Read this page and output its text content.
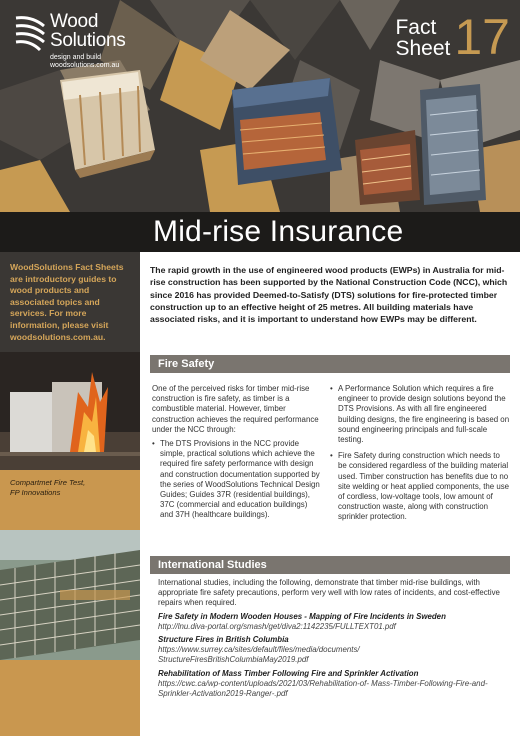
Wood
Solutions
design and build
woodsolutions.com.au
Fact
Sheet 17
Mid-rise Insurance

WoodSolutions Fact Sheets are introductory guides to wood products and associated topics and services. For more information, please visit woodsolutions.com.au.

Compartmet Fire Test,
FP Innovations

The rapid growth in the use of engineered wood products (EWPs) in Australia for mid-rise construction has been supported by the National Construction Code (NCC), which since 2016 has provided Deemed-to-Satisfy (DTS) solutions for fire-protected timber construction up to an effective height of 25 metres. All building materials have associated risks, and it is important to understand how EWPs may be different.

Fire Safety

One of the perceived risks for timber mid-rise construction is fire safety, as timber is a combustible material. However, timber construction achieves the required performance under the NCC through:

• The DTS Provisions in the NCC provide simple, practical solutions which achieve the required fire safety performance with design and construction documentation supported by the series of WoodSolutions Technical Design Guides; Guides 37R (residential buildings), 37C (commercial and education buildings) and 37H (healthcare buildings).
• A Performance Solution which requires a fire engineer to provide design solutions beyond the DTS Provisions. As with all fire engineered building designs, the fire engineering is based on sound engineering principals and full-scale testing.
• Fire Safety during construction which needs to be considered regardless of the building material used. Timber construction has benefits due to no site welding or heat applied components, the use of cordless, low-voltage tools, low amount of construction waste, along with construction sprinkler protection.
International Studies

International studies, including the following, demonstrate that timber mid-rise buildings, with appropriate fire safety precautions, perform very well with low rates of incidents, and cost-effective repairs when required.

Fire Safety in Modern Wooden Houses - Mapping of Fire Incidents in Sweden
http://lnu.diva-portal.org/smash/get/diva2:1142235/FULLTEXT01.pdf
Structure Fires in British Columbia
https://www.surrey.ca/sites/default/files/media/documents/ StructureFiresBritishColumbiaMay2019.pdf
Rehabilitation of Mass Timber Following Fire and Sprinkler Activation
https://cwc.ca/wp-content/uploads/2021/03/Rehabilitation-of- Mass-Timber-Following-Fire-and-Sprinkler-Activation2019-Ranger-.pdf
